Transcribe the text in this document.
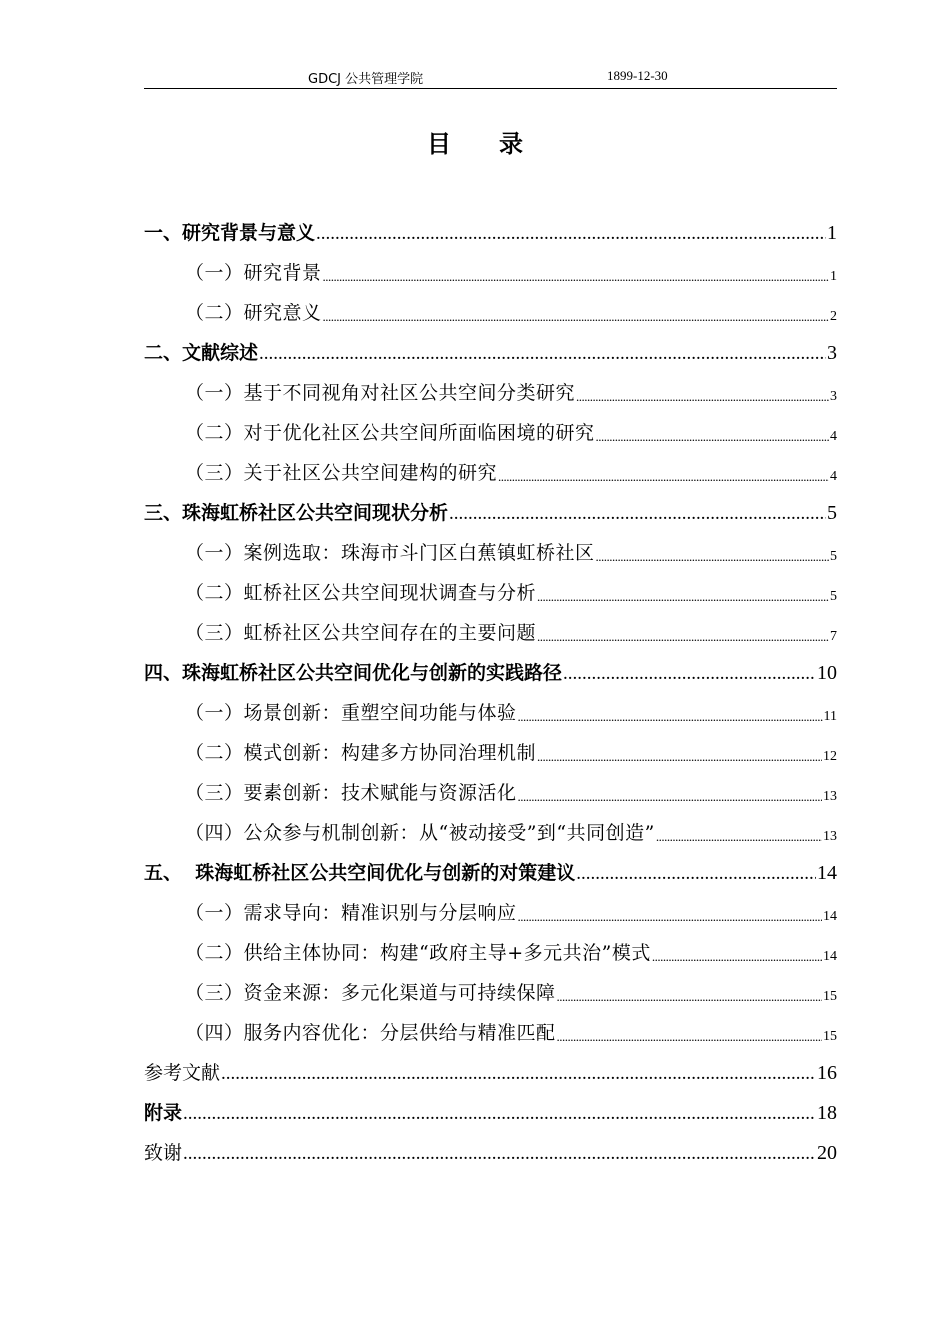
GDCJ 公共管理学院	1899-12-30
目录
一、研究背景与意义 .....	1
（一）研究背景 .....	1
（二）研究意义 .....	2
二、文献综述 .....	3
（一）基于不同视角对社区公共空间分类研究 .....	3
（二）对于优化社区公共空间所面临困境的研究 .....	4
（三）关于社区公共空间建构的研究 .....	4
三、珠海虹桥社区公共空间现状分析 .....	5
（一）案例选取：珠海市斗门区白蕉镇虹桥社区 .....	5
（二）虹桥社区公共空间现状调查与分析 .....	5
（三）虹桥社区公共空间存在的主要问题 .....	7
四、珠海虹桥社区公共空间优化与创新的实践路径 .....	10
（一）场景创新：重塑空间功能与体验 .....	11
（二）模式创新：构建多方协同治理机制 .....	12
（三）要素创新：技术赋能与资源活化 .....	13
（四）公众参与机制创新：从“被动接受”到“共同创造” .....	13
五、  珠海虹桥社区公共空间优化与创新的对策建议 .....	14
（一）需求导向：精准识别与分层响应 .....	14
（二）供给主体协同：构建“政府主导+多元共治”模式 .....	14
（三）资金来源：多元化渠道与可持续保障 .....	15
（四）服务内容优化：分层供给与精准匹配 .....	15
参考文献 .....	16
附录 .....	18
致谢 .....	20
